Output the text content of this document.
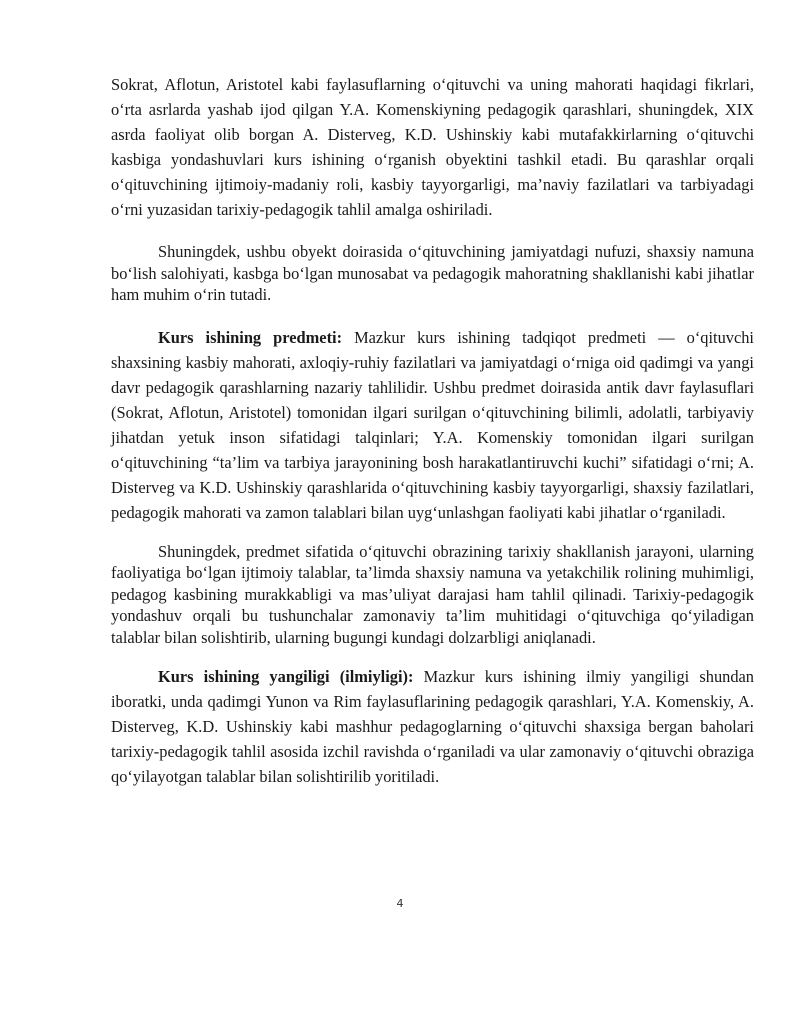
Sokrat, Aflotun, Aristotel kabi faylasuflarning o‘qituvchi va uning mahorati haqidagi fikrlari, o‘rta asrlarda yashab ijod qilgan Y.A. Komenskiyning pedagogik qarashlari, shuningdek, XIX asrda faoliyat olib borgan A. Disterveg, K.D. Ushinskiy kabi mutafakkirlarning o‘qituvchi kasbiga yondashuvlari kurs ishining o‘rganish obyektini tashkil etadi. Bu qarashlar orqali o‘qituvchining ijtimoiy-madaniy roli, kasbiy tayyorgarligi, ma’naviy fazilatlari va tarbiyadagi o‘rni yuzasidan tarixiy-pedagogik tahlil amalga oshiriladi.

Shuningdek, ushbu obyekt doirasida o‘qituvchining jamiyatdagi nufuzi, shaxsiy namuna bo‘lish salohiyati, kasbga bo‘lgan munosabat va pedagogik mahoratning shakllanishi kabi jihatlar ham muhim o‘rin tutadi.

Kurs ishining predmeti: Mazkur kurs ishining tadqiqot predmeti — o‘qituvchi shaxsining kasbiy mahorati, axloqiy-ruhiy fazilatlari va jamiyatdagi o‘rniga oid qadimgi va yangi davr pedagogik qarashlarning nazariy tahlilidir. Ushbu predmet doirasida antik davr faylasuflari (Sokrat, Aflotun, Aristotel) tomonidan ilgari surilgan o‘qituvchining bilimli, adolatli, tarbiyaviy jihatdan yetuk inson sifatidagi talqinlari; Y.A. Komenskiy tomonidan ilgari surilgan o‘qituvchining “ta’lim va tarbiya jarayonining bosh harakatlantiruvchi kuchi” sifatidagi o‘rni; A. Disterveg va K.D. Ushinskiy qarashlarida o‘qituvchining kasbiy tayyorgarligi, shaxsiy fazilatlari, pedagogik mahorati va zamon talablari bilan uyg‘unlashgan faoliyati kabi jihatlar o‘rganiladi.

Shuningdek, predmet sifatida o‘qituvchi obrazining tarixiy shakllanish jarayoni, ularning faoliyatiga bo‘lgan ijtimoiy talablar, ta’limda shaxsiy namuna va yetakchilik rolining muhimligi, pedagog kasbining murakkabligi va mas’uliyat darajasi ham tahlil qilinadi. Tarixiy-pedagogik yondashuv orqali bu tushunchalar zamonaviy ta’lim muhitidagi o‘qituvchiga qo‘yiladigan talablar bilan solishtirib, ularning bugungi kundagi dolzarbligi aniqlanadi.

Kurs ishining yangiligi (ilmiyligi): Mazkur kurs ishining ilmiy yangiligi shundan iboratki, unda qadimgi Yunon va Rim faylasuflarining pedagogik qarashlari, Y.A. Komenskiy, A. Disterveg, K.D. Ushinskiy kabi mashhur pedagoglarning o‘qituvchi shaxsiga bergan baholari tarixiy-pedagogik tahlil asosida izchil ravishda o‘rganiladi va ular zamonaviy o‘qituvchi obraziga qo‘yilayotgan talablar bilan solishtirilib yoritiladi.

4
